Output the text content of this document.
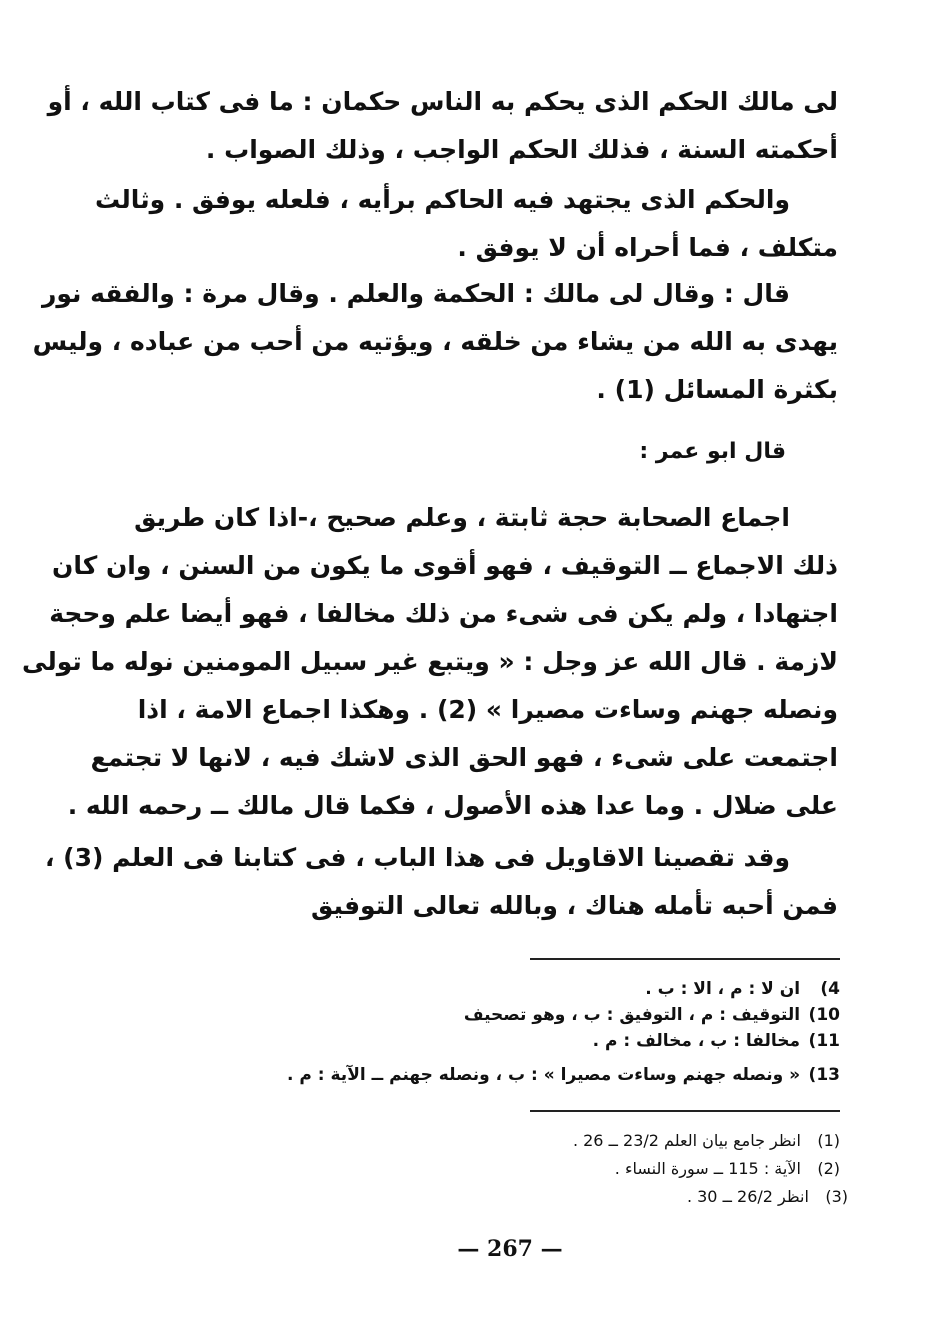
لى مالك الحكم الذى يحكم به الناس حكمان : ما فى كتاب الله ، أو
أحكمته السنة ، فذلك الحكم الواجب ، وذلك الصواب .
والحكم الذى يجتهد فيه الحاكم برأيه ، فلعله يوفق . وثالث
متكلف ، فما أحراه أن لا يوفق .
قال : وقال لى مالك : الحكمة والعلم . وقال مرة : والفقه نور
يهدى به الله من يشاء من خلقه ، ويؤتيه من أحب من عباده ، وليس
بكثرة المسائل (1) .
قال ابو عمر :
اجماع الصحابة حجة ثابتة ، وعلم صحيح ،-اذا كان طريق
ذلك الاجماع ــ التوقيف ، فهو أقوى ما يكون من السنن ، وان كان
اجتهادا ، ولم يكن فى شىء من ذلك مخالفا ، فهو أيضا علم وحجة
لازمة . قال الله عز وجل : « ويتبع غير سبيل المومنين نوله ما تولى
ونصله جهنم وساءت مصيرا » (2) . وهكذا اجماع الامة ، اذا
اجتمعت على شىء ، فهو الحق الذى لاشك فيه ، لانها لا تجتمع
على ضلال . وما عدا هذه الأصول ، فكما قال مالك ــ رحمه الله .
وقد تقصينا الاقاويل فى هذا الباب ، فى كتابنا فى العلم (3) ،
فمن أحبه تأمله هناك ، وبالله تعالى التوفيق
4) ان لا : م ، الا : ب .
10) التوقيف : م ، التوفيق : ب ، وهو تصحيف
11) مخالفا : ب ، مخالف : م .
13) « ونصله جهنم وساءت مصيرا » : ب ، ونصله جهنم ــ الآية : م .
(1) انظر جامع بيان العلم 23/2 ــ 26 .
(2) الآية : 115 ــ سورة النساء .
(3) انظر 26/2 ــ 30 .
— 267 —
